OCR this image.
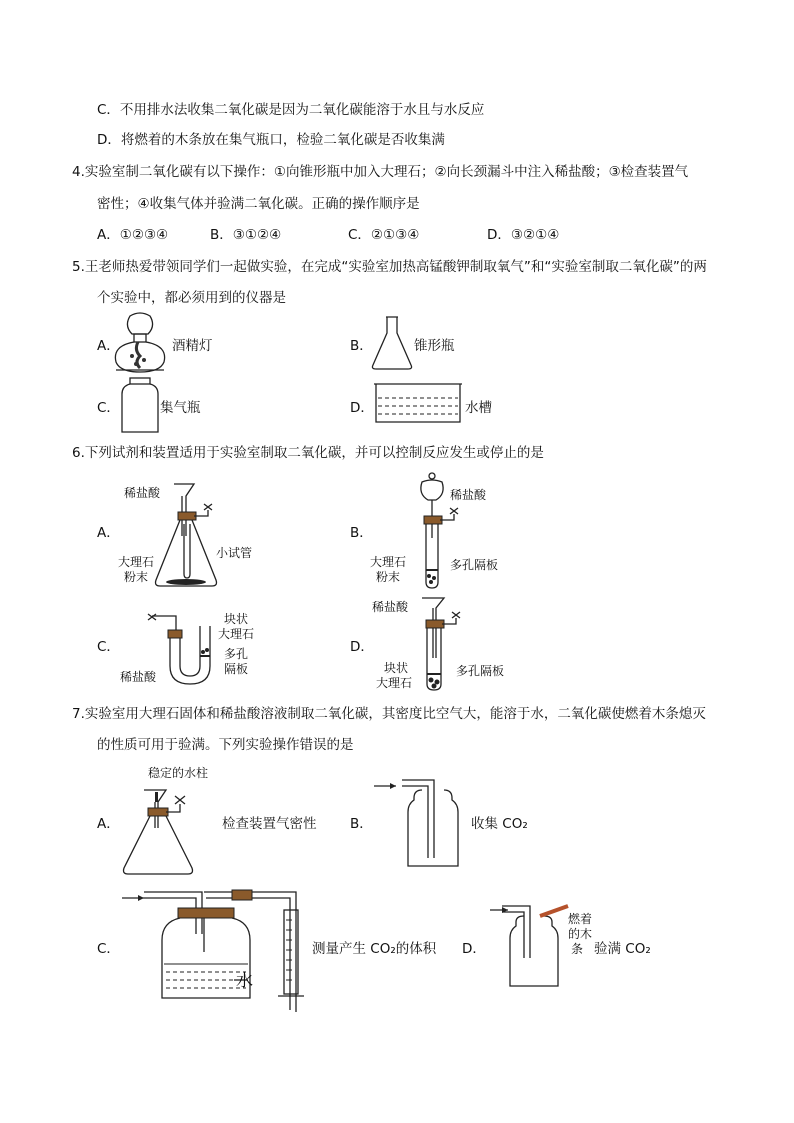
C．不用排水法收集二氧化碳是因为二氧化碳能溶于水且与水反应
D．将燃着的木条放在集气瓶口，检验二氧化碳是否收集满
4.实验室制二氧化碳有以下操作：①向锥形瓶中加入大理石；②向长颈漏斗中注入稀盐酸；③检查装置气
密性；④收集气体并验满二氧化碳。正确的操作顺序是
A．①②③④	B．③①②④	C．②①③④	D．③②①④
5.王老师热爱带领同学们一起做实验，在完成“实验室加热高锰酸钾制取氧气”和“实验室制取二氧化碳”的两
个实验中，都必须用到的仪器是
A．	酒精灯	B．	锥形瓶
C．	集气瓶	D．	水槽
6.下列试剂和装置适用于实验室制取二氧化碳，并可以控制反应发生或停止的是
A．
稀盐酸
小试管
大理石
粉末
B．
稀盐酸
大理石
粉末
多孔隔板
C．
块状
大理石
多孔
隔板
稀盐酸
D．
稀盐酸
块状
大理石
多孔隔板
7.实验室用大理石固体和稀盐酸溶液制取二氧化碳，其密度比空气大，能溶于水，二氧化碳使燃着木条熄灭
的性质可用于验满。下列实验操作错误的是
A．
稳定的水柱
检查装置气密性 B．	收集 CO₂
C．
水
测量产生 CO₂的体积 D．
燃着
的木
条 验满 CO₂
